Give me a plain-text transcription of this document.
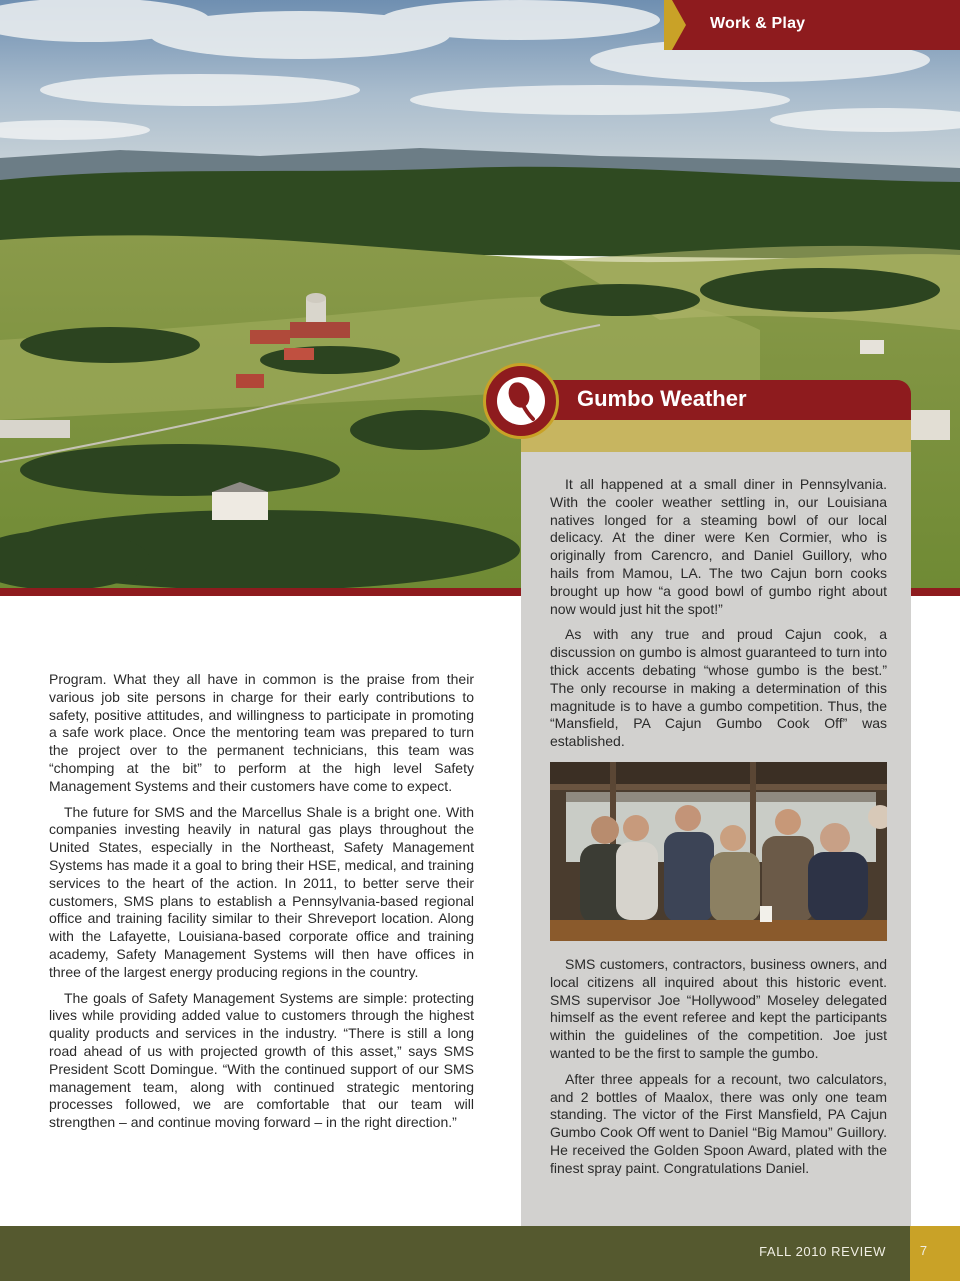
Work & Play
Gumbo Weather

It all happened at a small diner in Pennsylvania. With the cooler weather settling in, our Louisiana natives longed for a steaming bowl of our local delicacy. At the diner were Ken Cormier, who is originally from Carencro, and Daniel Guillory, who hails from Mamou, LA. The two Cajun born cooks brought up how “a good bowl of gumbo right about now would just hit the spot!”

As with any true and proud Cajun cook, a discussion on gumbo is almost guaranteed to turn into thick accents debating “whose gumbo is the best.” The only recourse in making a determination of this magnitude is to have a gumbo competition. Thus, the “Mansfield, PA Cajun Gumbo Cook Off” was established.

SMS customers, contractors, business owners, and local citizens all inquired about this historic event. SMS supervisor Joe “Hollywood” Moseley delegated himself as the event referee and kept the participants within the guidelines of the competition. Joe just wanted to be the first to sample the gumbo.

After three appeals for a recount, two calculators, and 2 bottles of Maalox, there was only one team standing. The victor of the First Mansfield, PA Cajun Gumbo Cook Off went to Daniel “Big Mamou” Guillory. He received the Golden Spoon Award, plated with the finest spray paint. Congratulations Daniel.

Program. What they all have in common is the praise from their various job site persons in charge for their early contributions to safety, positive attitudes, and willingness to participate in promoting a safe work place. Once the mentoring team was prepared to turn the project over to the permanent technicians, this team was “chomping at the bit” to perform at the high level Safety Management Systems and their customers have come to expect.

The future for SMS and the Marcellus Shale is a bright one. With companies investing heavily in natural gas plays throughout the United States, especially in the Northeast, Safety Management Systems has made it a goal to bring their HSE, medical, and training services to the heart of the action. In 2011, to better serve their customers, SMS plans to establish a Pennsylvania-based regional office and training facility similar to their Shreveport location. Along with the Lafayette, Louisiana-based corporate office and training academy, Safety Management Systems will then have offices in three of the largest energy producing regions in the country.

The goals of Safety Management Systems are simple: protecting lives while providing added value to customers through the highest quality products and services in the industry. “There is still a long road ahead of us with projected growth of this asset,” says SMS President Scott Domingue. “With the continued support of our SMS management team, along with continued strategic mentoring processes followed, we are comfortable that our team will strengthen – and continue moving forward – in the right direction.”

FALL 2010 REVIEW	7
